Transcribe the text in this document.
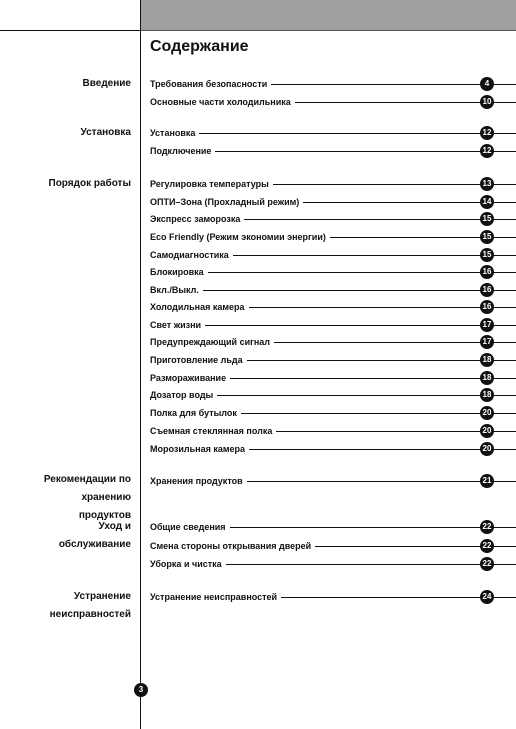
Содержание
Введение
Установка
Порядок работы
Рекомендации по
хранению
продуктов
Уход и
обслуживание
Устранение
неисправностей
Требования безопасности	4
Основные части холодильника	10
Установка	12
Подключение	12
Регулировка температуры	13
ОПТИ–Зона (Прохладный режим)	14
Экспресс заморозка	15
Eco Friendly (Режим экономии энергии)	15
Самодиагностика	15
Блокировка	16
Вкл./Выкл.	16
Холодильная камера	16
Свет жизни	17
Предупреждающий сигнал	17
Приготовление льда	18
Размораживание	18
Дозатор воды	18
Полка для бутылок	20
Съемная стеклянная полка	20
Морозильная камера	20
Хранения продуктов	21
Общие сведения	22
Смена стороны открывания дверей	22
Уборка и чистка	22
Устранение неисправностей	24
3
